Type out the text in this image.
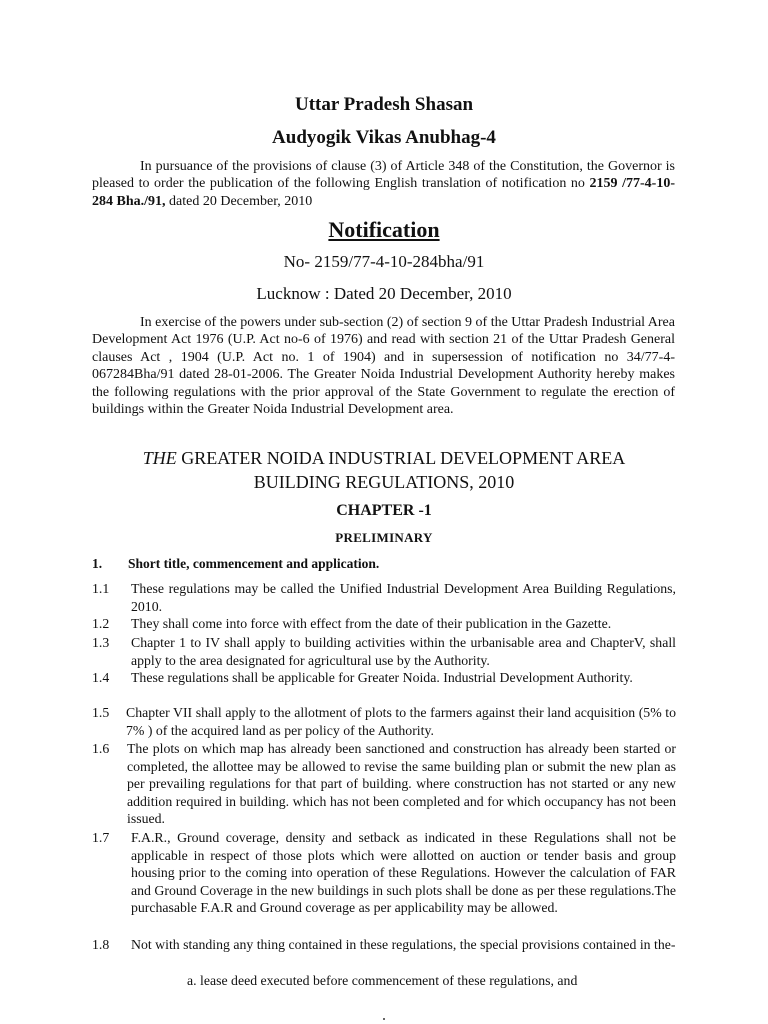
Uttar Pradesh Shasan
Audyogik Vikas Anubhag-4
In pursuance of the provisions of clause (3) of Article 348 of the Constitution, the Governor is pleased to order the publication of the following English translation of notification no 2159 /77-4-10-284 Bha./91, dated 20 December, 2010
Notification
No- 2159/77-4-10-284bha/91
Lucknow : Dated 20 December, 2010
In exercise of the powers under sub-section (2) of section 9 of the Uttar Pradesh Industrial Area Development Act 1976 (U.P. Act no-6 of 1976) and read with section 21 of the Uttar Pradesh General clauses Act , 1904 (U.P. Act no. 1 of 1904) and in supersession of notification no 34/77-4-067284Bha/91 dated 28-01-2006. The Greater Noida Industrial Development Authority hereby makes the following regulations with the prior approval of the State Government to regulate the erection of buildings within the Greater Noida Industrial Development area.
THE GREATER NOIDA INDUSTRIAL DEVELOPMENT AREA
BUILDING REGULATIONS, 2010
CHAPTER -1
PRELIMINARY
1. Short title, commencement and application.
1.1 These regulations may be called the Unified Industrial Development Area Building Regulations, 2010.
1.2 They shall come into force with effect from the date of their publication in the Gazette.
1.3 Chapter 1 to IV shall apply to building activities within the urbanisable area and ChapterV, shall apply to the area designated for agricultural use by the Authority.
1.4 These regulations shall be applicable for Greater Noida. Industrial Development Authority.
1.5 Chapter VII shall apply to the allotment of plots to the farmers against their land acquisition (5% to 7% ) of the acquired land as per policy of the Authority.
1.6 The plots on which map has already been sanctioned and construction has already been started or completed, the allottee may be allowed to revise the same building plan or submit the new plan as per prevailing regulations for that part of building. where construction has not started or any new addition required in building. which has not been completed and for which occupancy has not been issued.
1.7 F.A.R., Ground coverage, density and setback as indicated in these Regulations shall not be applicable in respect of those plots which were allotted on auction or tender basis and group housing prior to the coming into operation of these Regulations. However the calculation of FAR and Ground Coverage in the new buildings in such plots shall be done as per these regulations.The purchasable F.A.R and Ground coverage as per applicability may be allowed.
1.8 Not with standing any thing contained in these regulations, the special provisions contained in the-
a. lease deed executed before commencement of these regulations, and
